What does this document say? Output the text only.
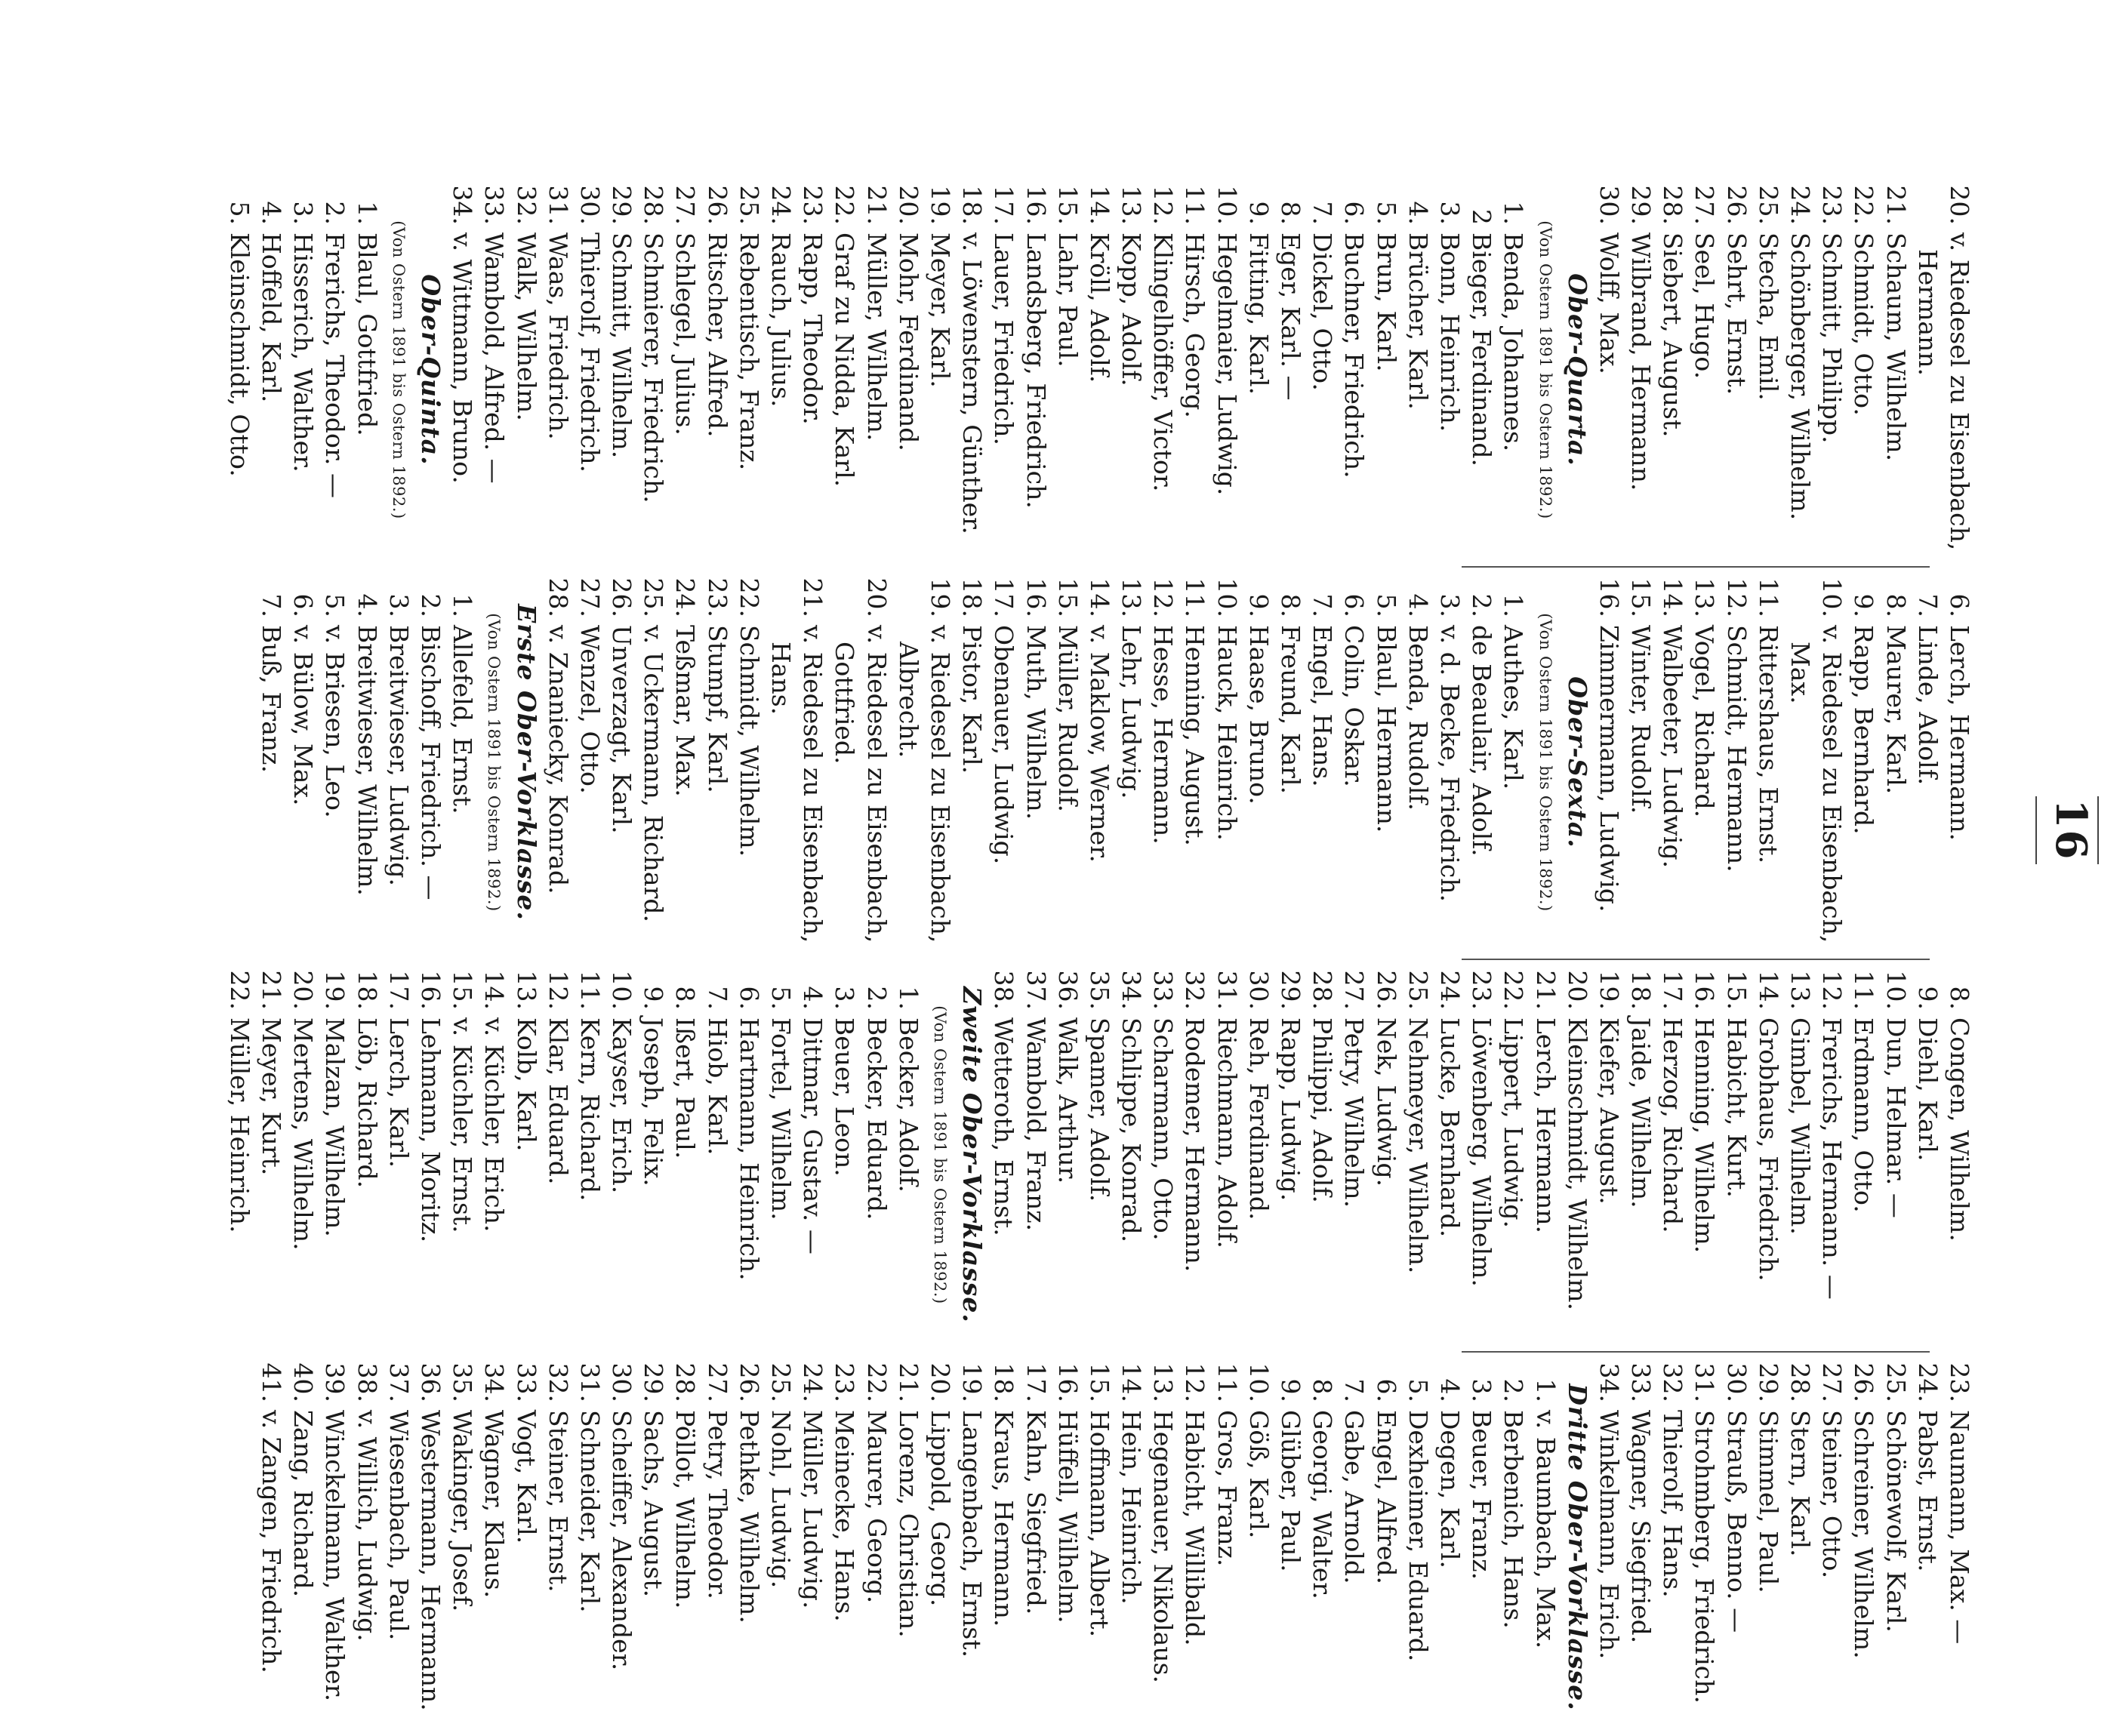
16
20.v. Riedesel zu Eisenbach,
Hermann.
21.Schaum, Wilhelm.
22.Schmidt, Otto.
23.Schmitt, Philipp.
24.Schönberger, Wilhelm.
25.Stecha, Emil.
26.Sehrt, Ernst.
27.Seel, Hugo.
28.Siebert, August.
29.Wilbrand, Hermann.
30.Wolff, Max.
Ober-Quarta.
(Von Ostern 1891 bis Ostern 1892.)
1.Benda, Johannes.
2Bieger, Ferdinand.
3.Bonn, Heinrich.
4.Brücher, Karl.
5.Brun, Karl.
6.Buchner, Friedrich.
7.Dickel, Otto.
8.Eger, Karl. —
9.Fitting, Karl.
10.Hegelmaier, Ludwig.
11.Hirsch, Georg.
12.Klingelhöffer, Victor.
13.Kopp, Adolf.
14.Kröll, Adolf.
15.Lahr, Paul.
16.Landsberg, Friedrich.
17.Lauer, Friedrich.
18.v. Löwenstern, Günther.
19.Meyer, Karl.
20.Mohr, Ferdinand.
21.Müller, Wilhelm.
22.Graf zu Nidda, Karl.
23.Rapp, Theodor.
24.Rauch, Julius.
25.Rebentisch, Franz.
26.Ritscher, Alfred.
27.Schlegel, Julius.
28.Schmierer, Friedrich.
29.Schmitt, Wilhelm.
30.Thierolf, Friedrich.
31.Waas, Friedrich.
32.Walk, Wilhelm.
33.Wambold, Alfred. —
34.v. Wittmann, Bruno.
Ober-Quinta.
(Von Ostern 1891 bis Ostern 1892.)
1.Blaul, Gottfried.
2.Frerichs, Theodor. —
3.Hisserich, Walther.
4.Hoffeld, Karl.
5.Kleinschmidt, Otto.
6.Lerch, Hermann.
7.Linde, Adolf.
8.Maurer, Karl.
9.Rapp, Bernhard.
10.v. Riedesel zu Eisenbach,
Max.
11.Rittershaus, Ernst.
12.Schmidt, Hermann.
13.Vogel, Richard.
14.Walbeeter, Ludwig.
15.Winter, Rudolf.
16.Zimmermann, Ludwig.
Ober-Sexta.
(Von Ostern 1891 bis Ostern 1892.)
1.Authes, Karl.
2.de Beaulair, Adolf.
3.v. d. Becke, Friedrich.
4.Benda, Rudolf.
5.Blaul, Hermann.
6.Colin, Oskar.
7.Engel, Hans.
8.Freund, Karl.
9.Haase, Bruno.
10.Hauck, Heinrich.
11.Henning, August.
12.Hesse, Hermann.
13.Lehr, Ludwig.
14.v. Maklow, Werner.
15.Müller, Rudolf.
16.Muth, Wilhelm.
17.Obenauer, Ludwig.
18.Pistor, Karl.
19.v. Riedesel zu Eisenbach,
Albrecht.
20.v. Riedesel zu Eisenbach,
Gottfried.
21.v. Riedesel zu Eisenbach,
Hans.
22.Schmidt, Wilhelm.
23.Stumpf, Karl.
24.Teßmar, Max.
25.v. Uckermann, Richard.
26.Unverzagt, Karl.
27.Wenzel, Otto.
28.v. Znaniecky, Konrad.
Erste Ober-Vorklasse.
(Von Ostern 1891 bis Ostern 1892.)
1.Allefeld, Ernst.
2.Bischoff, Friedrich. —
3.Breitwieser, Ludwig.
4.Breitwieser, Wilhelm.
5.v. Briesen, Leo.
6.v. Bülow, Max.
7.Buß, Franz.
8.Congen, Wilhelm.
9.Diehl, Karl.
10.Dun, Helmar. —
11.Erdmann, Otto.
12.Frerichs, Hermann. —
13.Gimbel, Wilhelm.
14.Grobhaus, Friedrich.
15.Habicht, Kurt.
16.Henning, Wilhelm.
17.Herzog, Richard.
18.Jaide, Wilhelm.
19.Kiefer, August.
20.Kleinschmidt, Wilhelm.
21.Lerch, Hermann.
22.Lippert, Ludwig.
23.Löwenberg, Wilhelm.
24.Lucke, Bernhard.
25.Nehmeyer, Wilhelm.
26.Nek, Ludwig.
27.Petry, Wilhelm.
28.Philippi, Adolf.
29.Rapp, Ludwig.
30.Reh, Ferdinand.
31.Riechmann, Adolf.
32.Rodemer, Hermann.
33.Scharmann, Otto.
34.Schlippe, Konrad.
35.Spamer, Adolf.
36.Walk, Arthur.
37.Wambold, Franz.
38.Wetteroth, Ernst.
Zweite Ober-Vorklasse.
(Von Ostern 1891 bis Ostern 1892.)
1.Becker, Adolf.
2.Becker, Eduard.
3.Beuer, Leon.
4.Dittmar, Gustav. —
5.Fortel, Wilhelm.
6.Hartmann, Heinrich.
7.Hiob, Karl.
8.Ißert, Paul.
9.Joseph, Felix.
10.Kayser, Erich.
11.Kern, Richard.
12.Klar, Eduard.
13.Kolb, Karl.
14.v. Küchler, Erich.
15.v. Küchler, Ernst.
16.Lehmann, Moritz.
17.Lerch, Karl.
18.Löb, Richard.
19.Malzan, Wilhelm.
20.Mertens, Wilhelm.
21.Meyer, Kurt.
22.Müller, Heinrich.
23.Naumann, Max. —
24.Pabst, Ernst.
25.Schönewolf, Karl.
26.Schreiner, Wilhelm.
27.Steiner, Otto.
28.Stern, Karl.
29.Stimmel, Paul.
30.Strauß, Benno. —
31.Strohmberg, Friedrich.
32.Thierolf, Hans.
33.Wagner, Siegfried.
34.Winkelmann, Erich.
Dritte Ober-Vorklasse.
1.v. Baumbach, Max.
2.Berbenich, Hans.
3.Beuer, Franz.
4.Degen, Karl.
5.Dexheimer, Eduard.
6.Engel, Alfred.
7.Gabe, Arnold.
8.Georgi, Walter.
9.Glüber, Paul.
10.Göß, Karl.
11.Gros, Franz.
12.Habicht, Willibald.
13.Hegenauer, Nikolaus.
14.Hein, Heinrich.
15.Hoffmann, Albert.
16.Hüffell, Wilhelm.
17.Kahn, Siegfried.
18.Kraus, Hermann.
19.Langenbach, Ernst.
20.Lippold, Georg.
21.Lorenz, Christian.
22.Maurer, Georg.
23.Meinecke, Hans.
24.Müller, Ludwig.
25.Nohl, Ludwig.
26.Pethke, Wilhelm.
27.Petry, Theodor.
28.Pöllot, Wilhelm.
29.Sachs, August.
30.Scheiffer, Alexander.
31.Schneider, Karl.
32.Steiner, Ernst.
33.Vogt, Karl.
34.Wagner, Klaus.
35.Wakinger, Josef.
36.Westermann, Hermann.
37.Wiesenbach, Paul.
38.v. Willich, Ludwig.
39.Winckelmann, Walther.
40.Zang, Richard.
41.v. Zangen, Friedrich.
